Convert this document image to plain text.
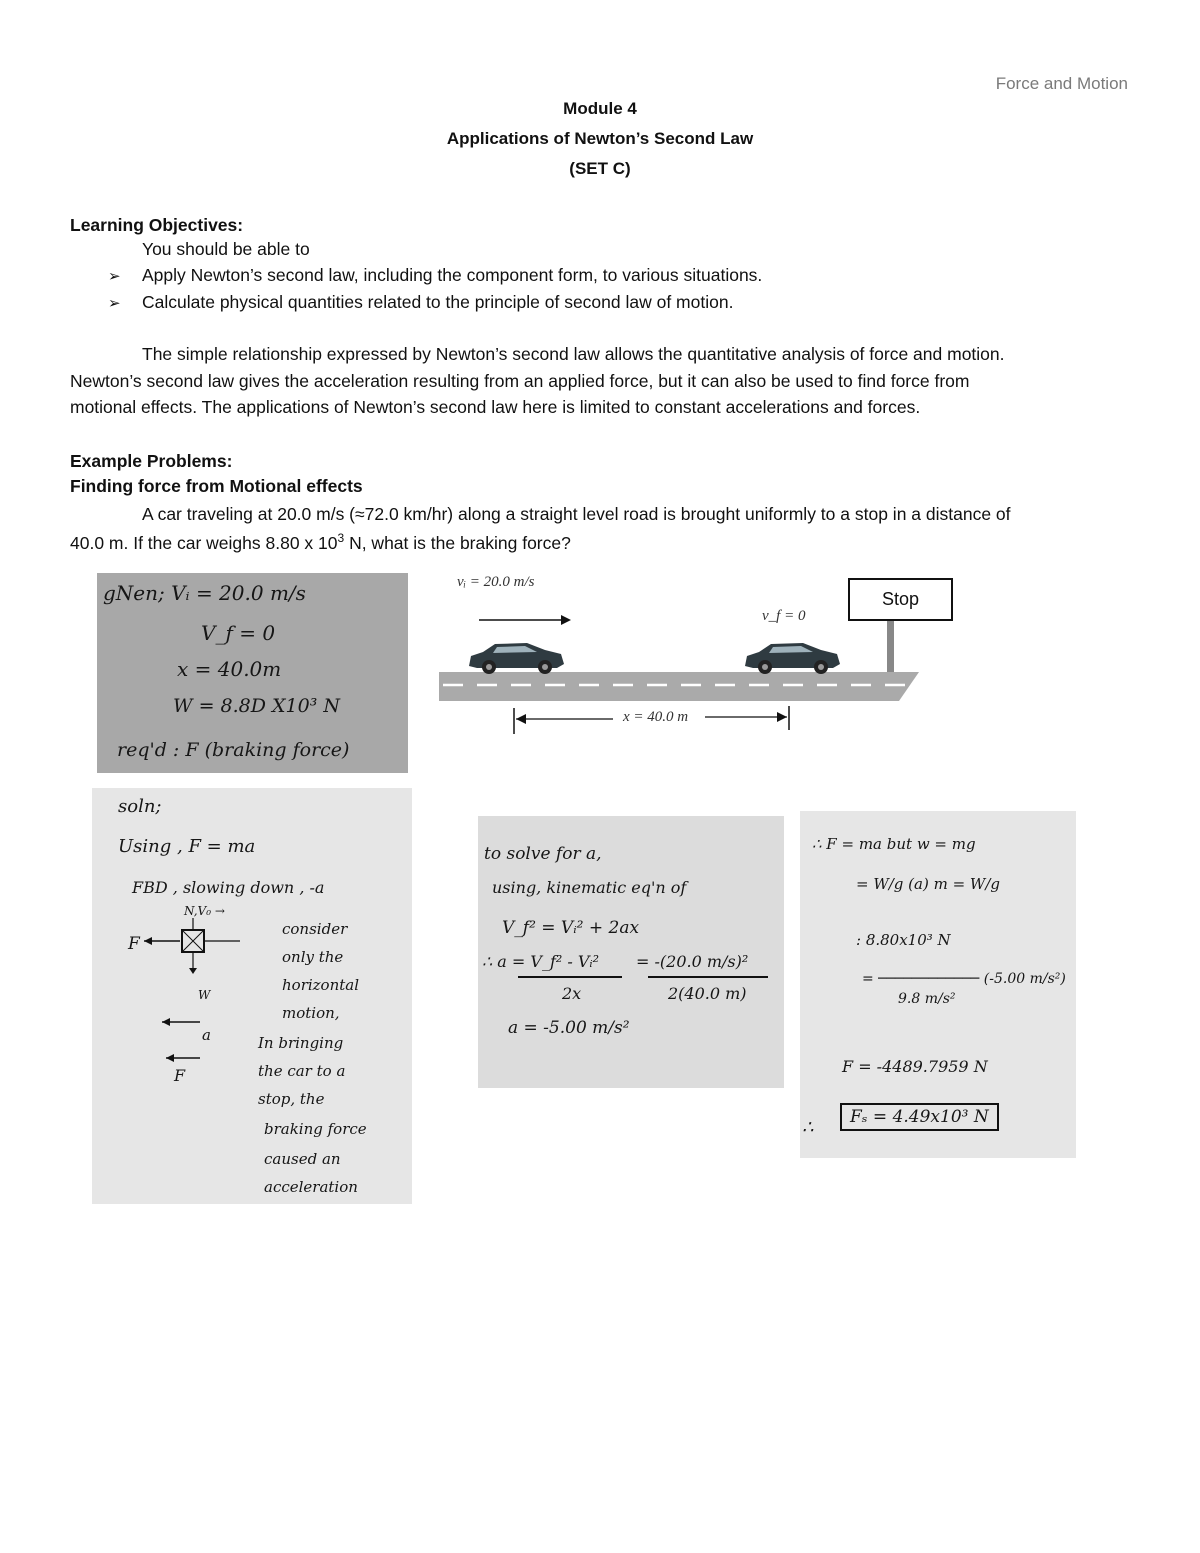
Force and Motion
Module 4
Applications of Newton’s Second Law
(SET C)
Learning Objectives:
You should be able to
➢ Apply Newton’s second law, including the component form, to various situations.
➢ Calculate physical quantities related to the principle of second law of motion.
The simple relationship expressed by Newton’s second law allows the quantitative analysis of force and motion.
Newton’s second law gives the acceleration resulting from an applied force, but it can also be used to find force from
motional effects. The applications of Newton’s second law here is limited to constant accelerations and forces.
Example Problems:
Finding force from Motional effects
A car traveling at 20.0 m/s (≈72.0 km/hr) along a straight level road is brought uniformly to a stop in a distance of
40.0 m. If the car weighs 8.80 x $10^3$ N, what is the braking force?
gNen; Vᵢ = 20.0 m/s
V_f = 0
x = 40.0m
W = 8.8D X10³ N
req'd : F (braking force)
vᵢ = 20.0 m/s
v_f = 0
Stop
x = 40.0 m
soln;
Using , F = ma
FBD , slowing down , -a
N,V₀ →
F
W
a
F
consider
only the
horizontal
motion,
In bringing
the car to a
stop, the
braking force
caused an
acceleration
to solve for a,
using, kinematic eq'n of
V_f² = Vᵢ² + 2ax
∴ a = V_f² - Vᵢ² = -(20.0 m/s)²
2x	2(40.0 m)
a = -5.00 m/s²
∴ F = ma but w = mg
= W/g (a) m = W/g
: 8.80x10³ N
= ──────────── (-5.00 m/s²)
9.8 m/s²
F = -4489.7959 N
∴	Fₛ = 4.49x10³ N
